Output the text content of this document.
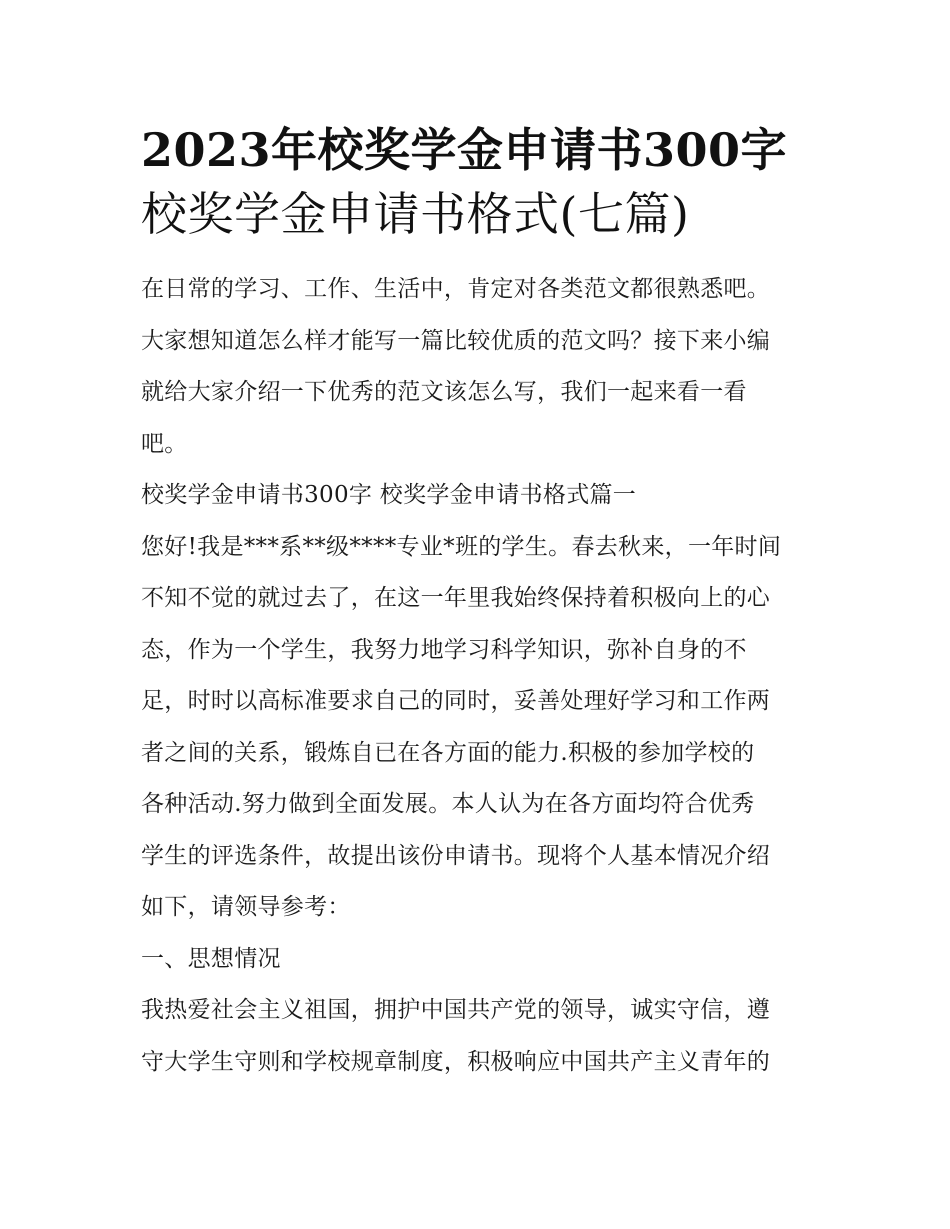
2023年校奖学金申请书300字
校奖学金申请书格式(七篇)

在日常的学习、工作、生活中，肯定对各类范文都很熟悉吧。
大家想知道怎么样才能写一篇比较优质的范文吗？接下来小编
就给大家介绍一下优秀的范文该怎么写，我们一起来看一看
吧。

校奖学金申请书300字 校奖学金申请书格式篇一

您好!我是***系**级****专业*班的学生。春去秋来，一年时间
不知不觉的就过去了，在这一年里我始终保持着积极向上的心
态，作为一个学生，我努力地学习科学知识，弥补自身的不
足，时时以高标准要求自己的同时，妥善处理好学习和工作两
者之间的关系，锻炼自已在各方面的能力.积极的参加学校的
各种活动.努力做到全面发展。本人认为在各方面均符合优秀
学生的评选条件，故提出该份申请书。现将个人基本情况介绍
如下，请领导参考：

一、思想情况

我热爱社会主义祖国，拥护中国共产党的领导，诚实守信，遵
守大学生守则和学校规章制度，积极响应中国共产主义青年的
